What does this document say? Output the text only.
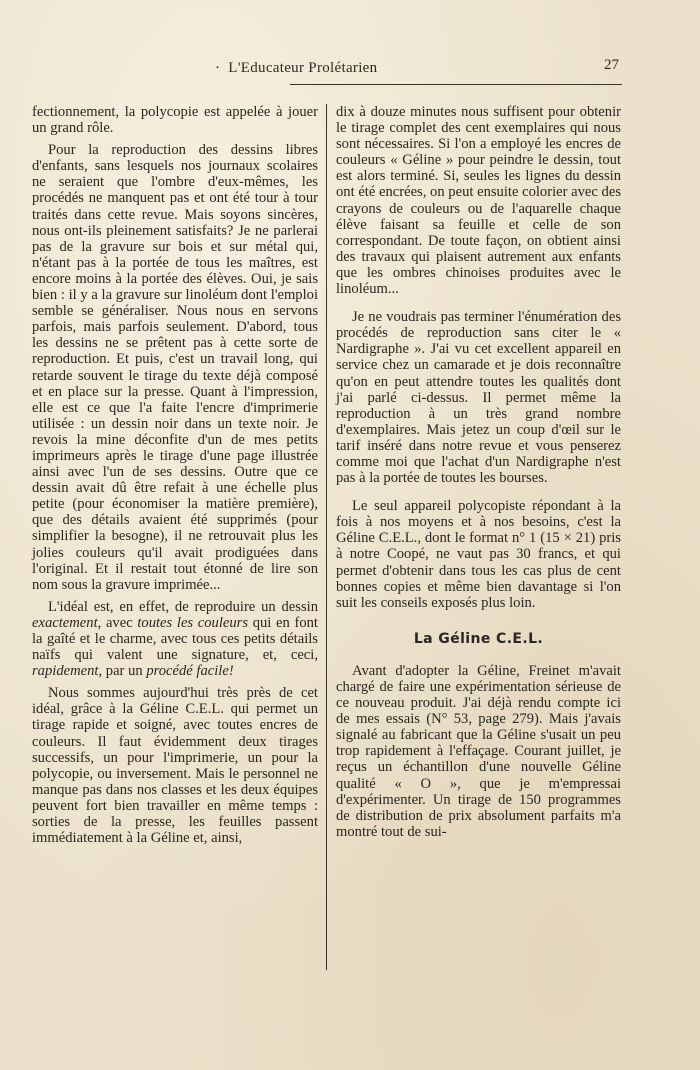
· L'Educateur Prolétarien	27

fectionnement, la polycopie est appelée à jouer un grand rôle.

Pour la reproduction des dessins libres d'enfants, sans lesquels nos journaux scolaires ne seraient que l'ombre d'eux-mêmes, les procédés ne manquent pas et ont été tour à tour traités dans cette revue. Mais soyons sincères, nous ont-ils pleinement satisfaits? Je ne parlerai pas de la gravure sur bois et sur métal qui, n'étant pas à la portée de tous les maîtres, est encore moins à la portée des élèves. Oui, je sais bien : il y a la gravure sur linoléum dont l'emploi semble se généraliser. Nous nous en servons parfois, mais parfois seulement. D'abord, tous les dessins ne se prêtent pas à cette sorte de reproduction. Et puis, c'est un travail long, qui retarde souvent le tirage du texte déjà composé et en place sur la presse. Quant à l'impression, elle est ce que l'a faite l'encre d'imprimerie utilisée : un dessin noir dans un texte noir. Je revois la mine déconfite d'un de mes petits imprimeurs après le tirage d'une page illustrée ainsi avec l'un de ses dessins. Outre que ce dessin avait dû être refait à une échelle plus petite (pour économiser la matière première), que des détails avaient été supprimés (pour simplifier la besogne), il ne retrouvait plus les jolies couleurs qu'il avait prodiguées dans l'original. Et il restait tout étonné de lire son nom sous la gravure imprimée...

L'idéal est, en effet, de reproduire un dessin exactement, avec toutes les couleurs qui en font la gaîté et le charme, avec tous ces petits détails naïfs qui valent une signature, et, ceci, rapidement, par un procédé facile!

Nous sommes aujourd'hui très près de cet idéal, grâce à la Géline C.E.L. qui permet un tirage rapide et soigné, avec toutes encres de couleurs. Il faut évidemment deux tirages successifs, un pour l'imprimerie, un pour la polycopie, ou inversement. Mais le personnel ne manque pas dans nos classes et les deux équipes peuvent fort bien travailler en même temps : sorties de la presse, les feuilles passent immédiatement à la Géline et, ainsi,

dix à douze minutes nous suffisent pour obtenir le tirage complet des cent exemplaires qui nous sont nécessaires. Si l'on a employé les encres de couleurs « Géline » pour peindre le dessin, tout est alors terminé. Si, seules les lignes du dessin ont été encrées, on peut ensuite colorier avec des crayons de couleurs ou de l'aquarelle chaque élève faisant sa feuille et celle de son correspondant. De toute façon, on obtient ainsi des travaux qui plaisent autrement aux enfants que les ombres chinoises produites avec le linoléum...

Je ne voudrais pas terminer l'énumération des procédés de reproduction sans citer le « Nardigraphe ». J'ai vu cet excellent appareil en service chez un camarade et je dois reconnaître qu'on en peut attendre toutes les qualités dont j'ai parlé ci-dessus. Il permet même la reproduction à un très grand nombre d'exemplaires. Mais jetez un coup d'œil sur le tarif inséré dans notre revue et vous penserez comme moi que l'achat d'un Nardigraphe n'est pas à la portée de toutes les bourses.

Le seul appareil polycopiste répondant à la fois à nos moyens et à nos besoins, c'est la Géline C.E.L., dont le format n° 1 (15 × 21) pris à notre Coopé, ne vaut pas 30 francs, et qui permet d'obtenir dans tous les cas plus de cent bonnes copies et même bien davantage si l'on suit les conseils exposés plus loin.

La Géline C.E.L.

Avant d'adopter la Géline, Freinet m'avait chargé de faire une expérimentation sérieuse de ce nouveau produit. J'ai déjà rendu compte ici de mes essais (N° 53, page 279). Mais j'avais signalé au fabricant que la Géline s'usait un peu trop rapidement à l'effaçage. Courant juillet, je reçus un échantillon d'une nouvelle Géline qualité « O », que je m'empressai d'expérimenter. Un tirage de 150 programmes de distribution de prix absolument parfaits m'a montré tout de sui-
